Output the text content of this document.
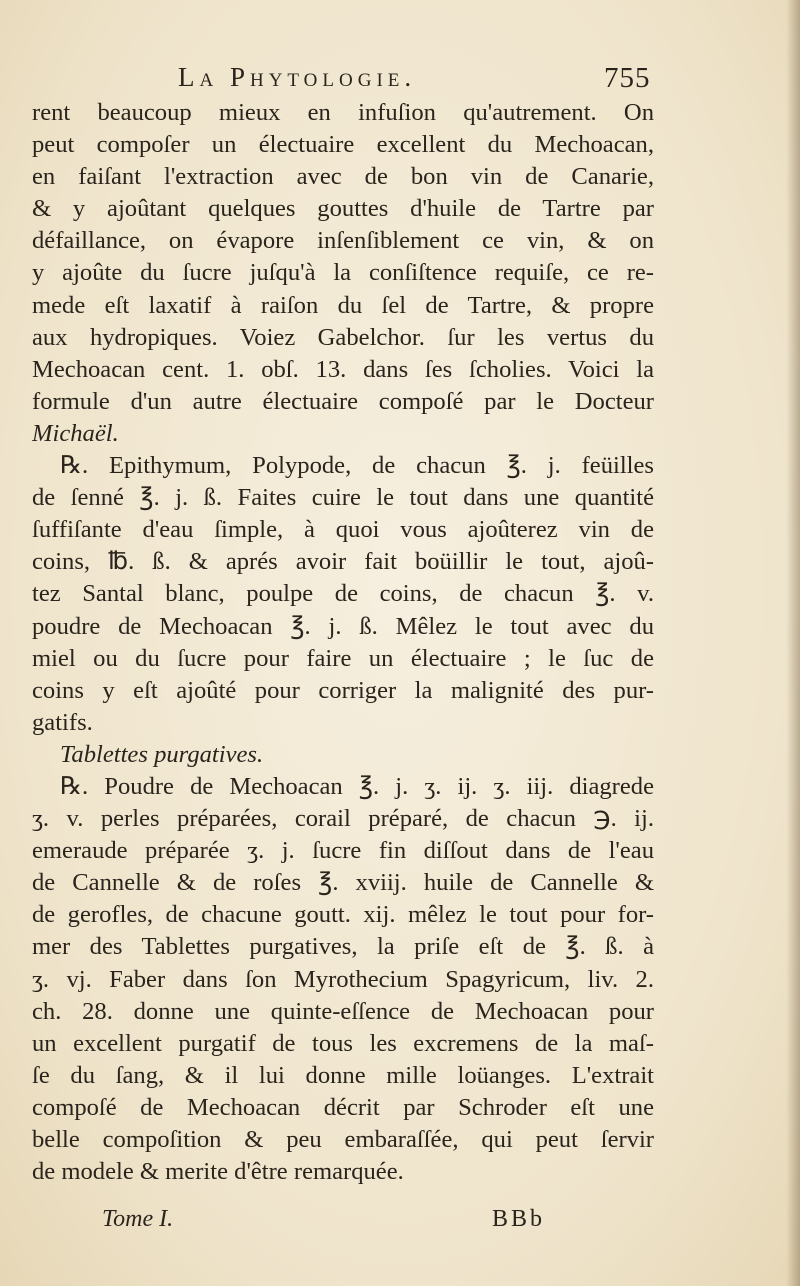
La Phytologie.	755
rent beaucoup mieux en infuſion qu'autrement. On
peut compoſer un électuaire excellent du Mechoacan,
en faiſant l'extraction avec de bon vin de Canarie,
& y ajoûtant quelques gouttes d'huile de Tartre par
défaillance, on évapore inſenſiblement ce vin, & on
y ajoûte du ſucre juſqu'à la conſiſtence requiſe, ce re-
mede eſt laxatif à raiſon du ſel de Tartre, & propre
aux hydropiques. Voiez Gabelchor. ſur les vertus du
Mechoacan cent. 1. obſ. 13. dans ſes ſcholies. Voici la
formule d'un autre électuaire compoſé par le Docteur
Michaël.
℞. Epithymum, Polypode, de chacun ℥. j. feüilles
de ſenné ℥. j. ß. Faites cuire le tout dans une quantité
ſuffiſante d'eau ſimple, à quoi vous ajoûterez vin de
coins, ℔. ß. & aprés avoir fait boüillir le tout, ajoû-
tez Santal blanc, poulpe de coins, de chacun ℥. v.
poudre de Mechoacan ℥. j. ß. Mêlez le tout avec du
miel ou du ſucre pour faire un électuaire ; le ſuc de
coins y eſt ajoûté pour corriger la malignité des pur-
gatifs.
Tablettes purgatives.
℞. Poudre de Mechoacan ℥. j. ʒ. ij. ʒ. iij. diagrede
ʒ. v. perles préparées, corail préparé, de chacun ℈. ij.
emeraude préparée ʒ. j. ſucre fin diſſout dans de l'eau
de Cannelle & de roſes ℥. xviij. huile de Cannelle &
de gerofles, de chacune goutt. xij. mêlez le tout pour for-
mer des Tablettes purgatives, la priſe eſt de ℥. ß. à
ʒ. vj. Faber dans ſon Myrothecium Spagyricum, liv. 2.
ch. 28. donne une quinte-eſſence de Mechoacan pour
un excellent purgatif de tous les excremens de la maſ-
ſe du ſang, & il lui donne mille loüanges. L'extrait
compoſé de Mechoacan décrit par Schroder eſt une
belle compoſition & peu embaraſſée, qui peut ſervir
de modele & merite d'être remarquée.
Tome I.	BBb
